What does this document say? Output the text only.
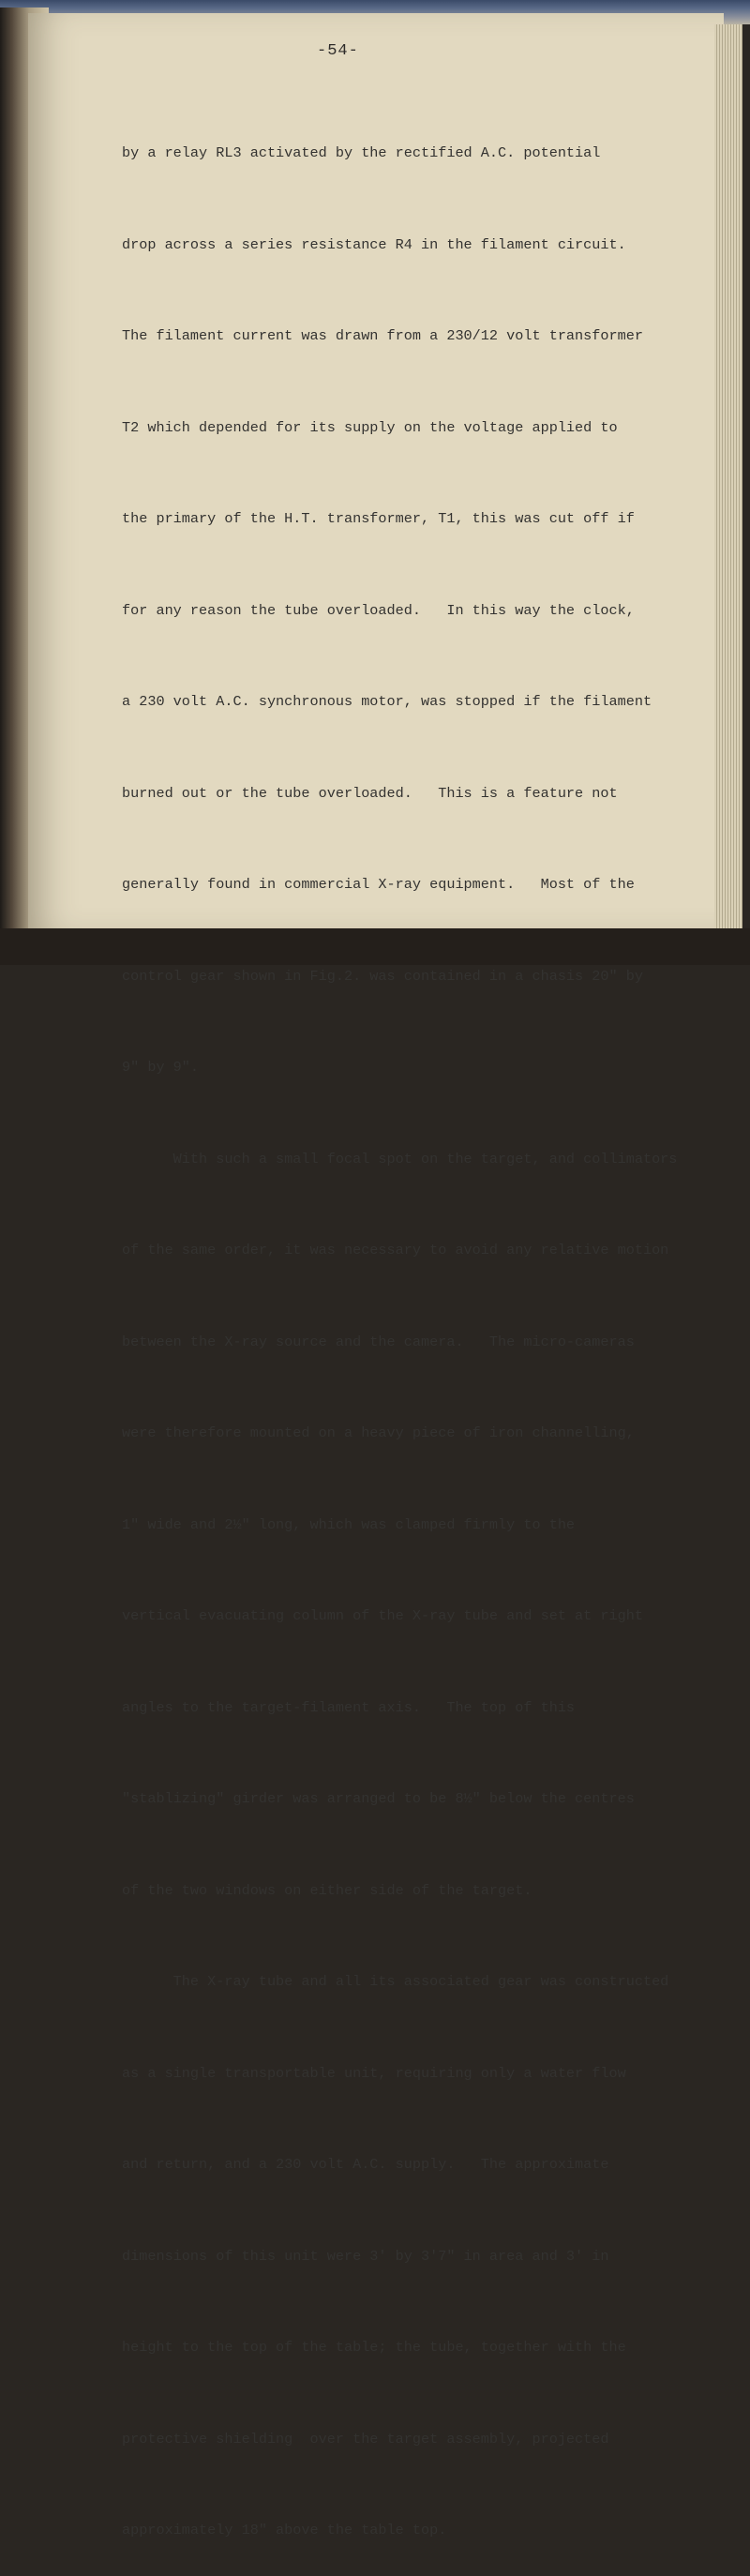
-54-

by a relay RL3 activated by the rectified A.C. potential

drop across a series resistance R4 in the filament circuit.

The filament current was drawn from a 230/12 volt transformer

T2 which depended for its supply on the voltage applied to

the primary of the H.T. transformer, T1, this was cut off if

for any reason the tube overloaded.   In this way the clock,

a 230 volt A.C. synchronous motor, was stopped if the filament

burned out or the tube overloaded.   This is a feature not

generally found in commercial X-ray equipment.   Most of the

control gear shown in Fig.2. was contained in a chasis 20" by

9" by 9".

With such a small focal spot on the target, and collimators

of the same order, it was necessary to avoid any relative motion

between the X-ray source and the camera.   The micro-cameras

were therefore mounted on a heavy piece of iron channelling,

1" wide and 2½" long, which was clamped firmly to the

vertical evacuating column of the X-ray tube and set at right

angles to the target-filament axis.   The top of this

"stablizing" girder was arranged to be 8½" below the centres

of the two windows on either side of the target.

The X-ray tube and all its associated gear was constructed

as a single transportable unit, requiring only a water flow

and return, and a 230 volt A.C. supply.   The approximate

dimensions of this unit were 3' by 3'7" in area and 3' in

height to the top of the table; the tube, together with the

protective shielding  over the target assembly, projected

approximately 18" above the table top.
